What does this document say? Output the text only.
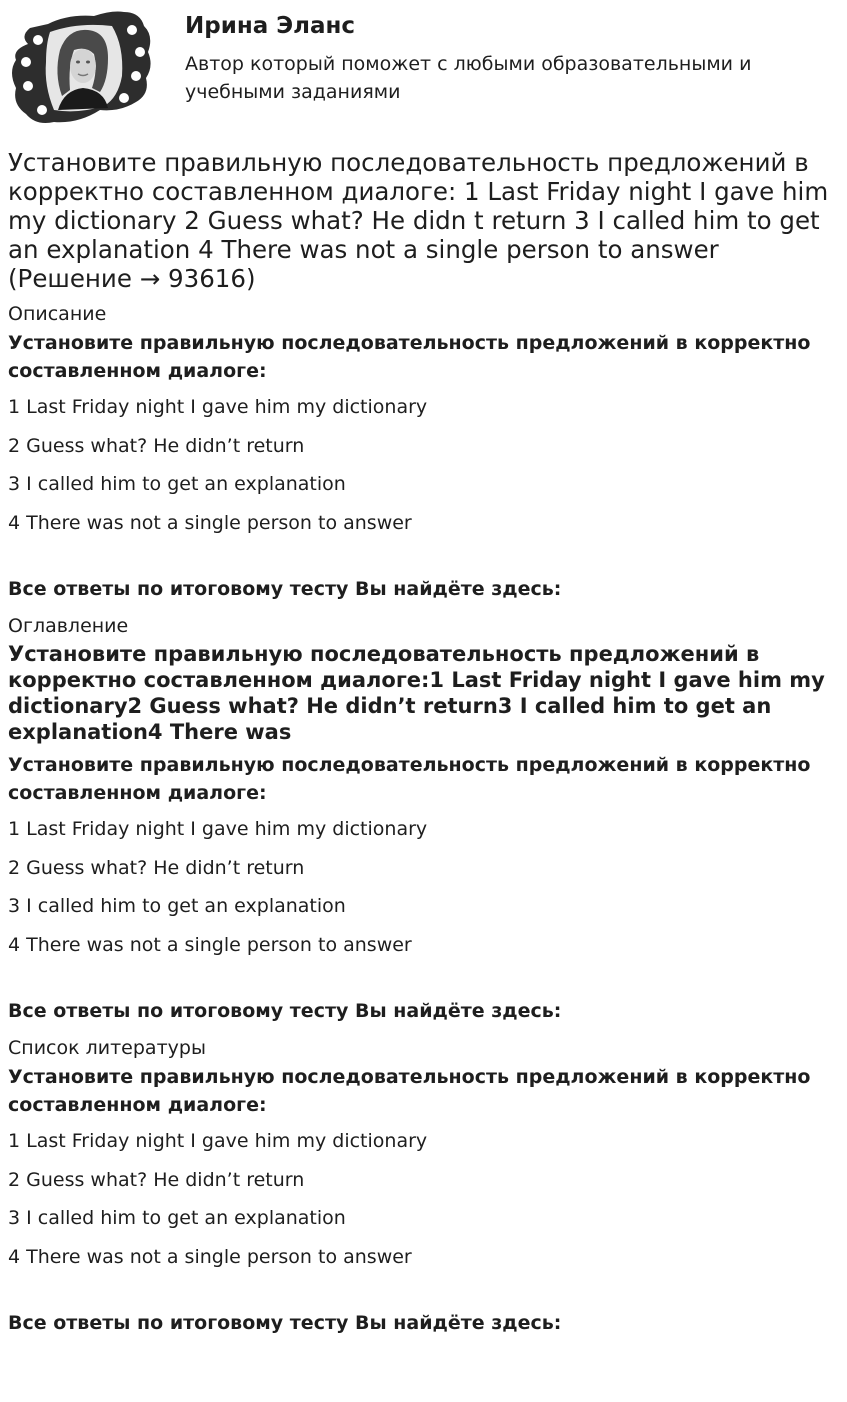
Ирина Эланс

Автор который поможет с любыми образовательными и учебными заданиями

Установите правильную последовательность предложений в корректно составленном диалоге: 1 Last Friday night I gave him my dictionary 2 Guess what? He didn t return 3 I called him to get an explanation 4 There was not a single person to answer (Решение → 93616)
Описание

Установите правильную последовательность предложений в корректно составленном диалоге:

1 Last Friday night I gave him my dictionary

2 Guess what? He didn’t return

3 I called him to get an explanation

4 There was not a single person to answer

Все ответы по итоговому тесту Вы найдёте здесь:

Оглавление

Установите правильную последовательность предложений в корректно составленном диалоге:1 Last Friday night I gave him my dictionary2 Guess what? He didn’t return3 I called him to get an explanation4 There was

Установите правильную последовательность предложений в корректно составленном диалоге:

1 Last Friday night I gave him my dictionary

2 Guess what? He didn’t return

3 I called him to get an explanation

4 There was not a single person to answer

Все ответы по итоговому тесту Вы найдёте здесь:

Список литературы

Установите правильную последовательность предложений в корректно составленном диалоге:

1 Last Friday night I gave him my dictionary

2 Guess what? He didn’t return

3 I called him to get an explanation

4 There was not a single person to answer

Все ответы по итоговому тесту Вы найдёте здесь:
